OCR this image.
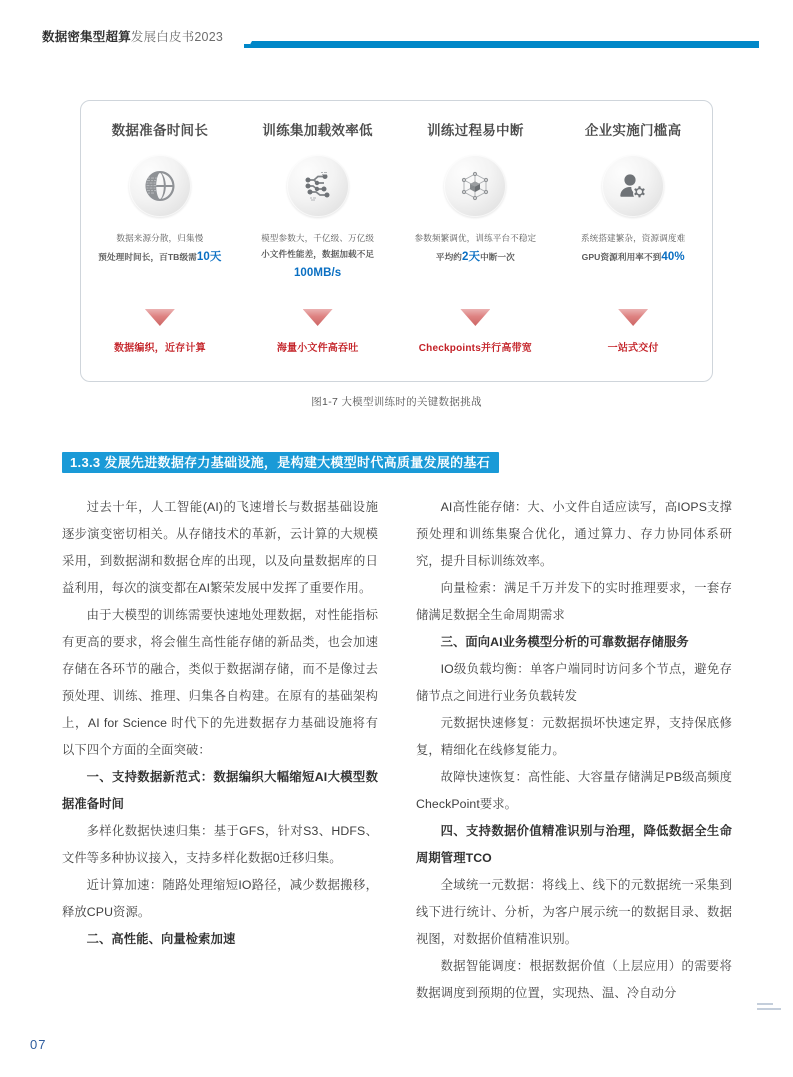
数据密集型超算发展白皮书2023
数据准备时间长
数据来源分散，归集慢
预处理时间长，百TB级需10天
训练集加载效率低
模型参数大，千亿级、万亿级
小文件性能差，数据加载不足100MB/s
训练过程易中断
参数频繁调优，训练平台不稳定
平均约2天中断一次
企业实施门槛高
系统搭建繁杂，资源调度难
GPU资源利用率不到40%
数据编织，近存计算	海量小文件高吞吐	Checkpoints并行高带宽	一站式交付
图1-7 大模型训练时的关键数据挑战
1.3.3 发展先进数据存力基础设施，是构建大模型时代高质量发展的基石

过去十年，人工智能(AI)的飞速增长与数据基础设施逐步演变密切相关。从存储技术的革新，云计算的大规模采用，到数据湖和数据仓库的出现，以及向量数据库的日益利用，每次的演变都在AI繁荣发展中发挥了重要作用。

由于大模型的训练需要快速地处理数据，对性能指标有更高的要求，将会催生高性能存储的新品类，也会加速存储在各环节的融合，类似于数据湖存储，而不是像过去预处理、训练、推理、归集各自构建。在原有的基础架构上，AI for Science 时代下的先进数据存力基础设施将有以下四个方面的全面突破：

一、支持数据新范式：数据编织大幅缩短AI大模型数据准备时间

多样化数据快速归集：基于GFS，针对S3、HDFS、文件等多种协议接入，支持多样化数据0迁移归集。

近计算加速：随路处理缩短IO路径，减少数据搬移，释放CPU资源。

二、高性能、向量检索加速

AI高性能存储：大、小文件自适应读写，高IOPS支撑预处理和训练集聚合优化，通过算力、存力协同体系研究，提升目标训练效率。

向量检索：满足千万并发下的实时推理要求，一套存储满足数据全生命周期需求

三、面向AI业务模型分析的可靠数据存储服务

IO级负载均衡：单客户端同时访问多个节点，避免存储节点之间进行业务负载转发

元数据快速修复：元数据损坏快速定界，支持保底修复，精细化在线修复能力。

故障快速恢复：高性能、大容量存储满足PB级高频度CheckPoint要求。

四、支持数据价值精准识别与治理，降低数据全生命周期管理TCO

全域统一元数据：将线上、线下的元数据统一采集到线下进行统计、分析，为客户展示统一的数据目录、数据视图，对数据价值精准识别。

数据智能调度：根据数据价值（上层应用）的需要将数据调度到预期的位置，实现热、温、冷自动分

07
